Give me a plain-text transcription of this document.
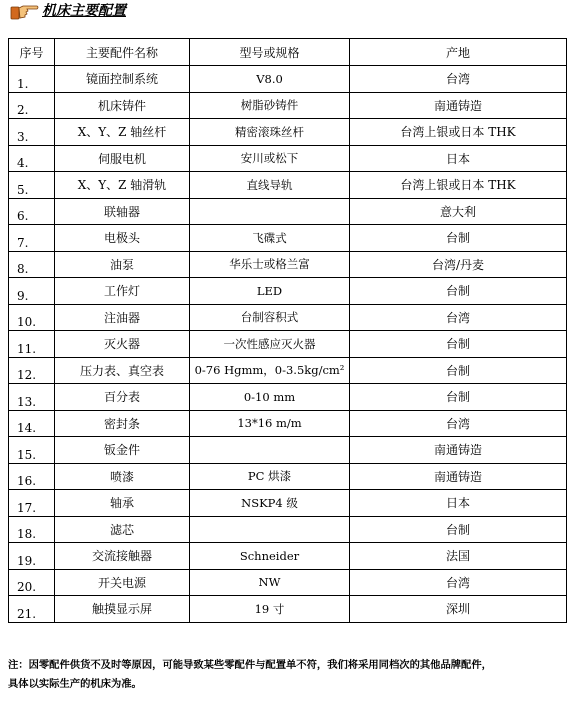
机床主要配置
序号	主要配件名称	型号或规格	产地
1.	镜面控制系统	V8.0	台湾
2.	机床铸件	树脂砂铸件	南通铸造
3.	X、Y、Z 轴丝杆	精密滚珠丝杆	台湾上银或日本 THK
4.	伺服电机	安川或松下	日本
5.	X、Y、Z 轴滑轨	直线导轨	台湾上银或日本 THK
6.	联轴器		意大利
7.	电极头	飞碟式	台制
8.	油泵	华乐士或格兰富	台湾/丹麦
9.	工作灯	LED	台制
10.	注油器	台制容积式	台湾
11.	灭火器	一次性感应灭火器	台制
12.	压力表、真空表	0-76 Hgmm，0-3.5kg/cm²	台制
13.	百分表	0-10 mm	台制
14.	密封条	13*16 m/m	台湾
15.	钣金件		南通铸造
16.	喷漆	PC 烘漆	南通铸造
17.	轴承	NSKP4 级	日本
18.	滤芯		台制
19.	交流接触器	Schneider	法国
20.	开关电源	NW	台湾
21.	触摸显示屏	19 寸	深圳
注：因零配件供货不及时等原因，可能导致某些零配件与配置单不符，我们将采用同档次的其他品牌配件，
具体以实际生产的机床为准。
